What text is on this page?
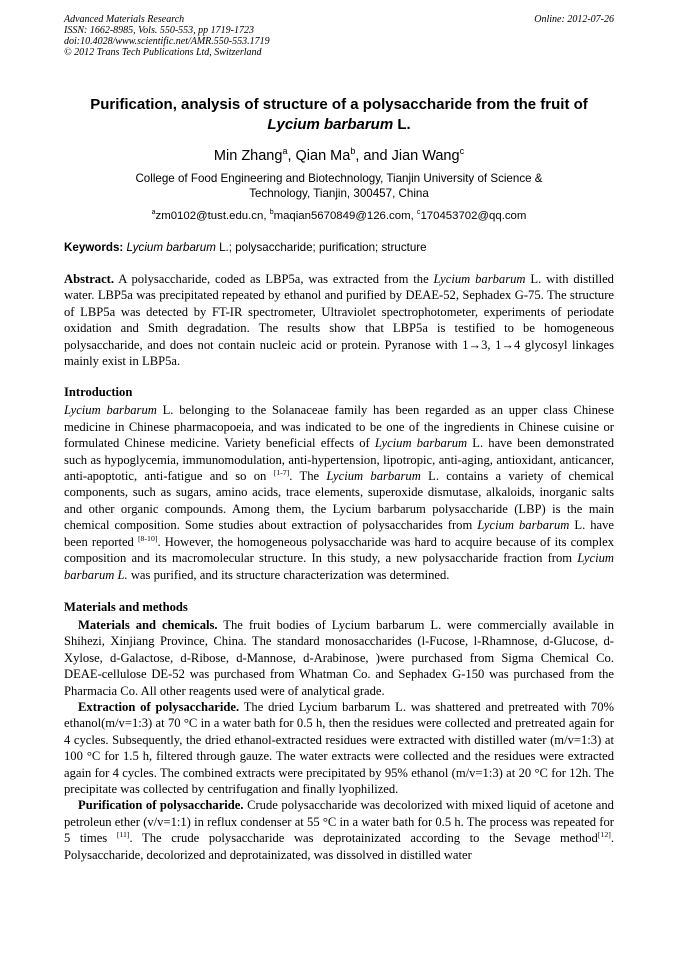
Advanced Materials Research
ISSN: 1662-8985, Vols. 550-553, pp 1719-1723
doi:10.4028/www.scientific.net/AMR.550-553.1719
© 2012 Trans Tech Publications Ltd, Switzerland
Online: 2012-07-26
Purification, analysis of structure of a polysaccharide from the fruit of
Lycium barbarum L.
Min Zhang$^a$, Qian Ma$^b$, and Jian Wang$^c$
College of Food Engineering and Biotechnology, Tianjin University of Science &
Technology, Tianjin, 300457, China
$^a$zm0102@tust.edu.cn, $^b$maqian5670849@126.com, $^c$170453702@qq.com
Keywords: Lycium barbarum L.; polysaccharide; purification; structure
Abstract. A polysaccharide, coded as LBP5a, was extracted from the Lycium barbarum L. with distilled water. LBP5a was precipitated repeated by ethanol and purified by DEAE-52, Sephadex G-75. The structure of LBP5a was detected by FT-IR spectrometer, Ultraviolet spectrophotometer, experiments of periodate oxidation and Smith degradation. The results show that LBP5a is testified to be homogeneous polysaccharide, and does not contain nucleic acid or protein. Pyranose with 1→3, 1→4 glycosyl linkages mainly exist in LBP5a.
Introduction
Lycium barbarum L. belonging to the Solanaceae family has been regarded as an upper class Chinese medicine in Chinese pharmacopoeia, and was indicated to be one of the ingredients in Chinese cuisine or formulated Chinese medicine. Variety beneficial effects of Lycium barbarum L. have been demonstrated such as hypoglycemia, immunomodulation, anti-hypertension, lipotropic, anti-aging, antioxidant, anticancer, anti-apoptotic, anti-fatigue and so on [1-7]. The Lycium barbarum L. contains a variety of chemical components, such as sugars, amino acids, trace elements, superoxide dismutase, alkaloids, inorganic salts and other organic compounds. Among them, the Lycium barbarum polysaccharide (LBP) is the main chemical composition. Some studies about extraction of polysaccharides from Lycium barbarum L. have been reported [8-10]. However, the homogeneous polysaccharide was hard to acquire because of its complex composition and its macromolecular structure. In this study, a new polysaccharide fraction from Lycium barbarum L. was purified, and its structure characterization was determined.
Materials and methods

Materials and chemicals. The fruit bodies of Lycium barbarum L. were commercially available in Shihezi, Xinjiang Province, China. The standard monosaccharides (l-Fucose, l-Rhamnose, d-Glucose, d-Xylose, d-Galactose, d-Ribose, d-Mannose, d-Arabinose, )were purchased from Sigma Chemical Co. DEAE-cellulose DE-52 was purchased from Whatman Co. and Sephadex G-150 was purchased from the Pharmacia Co. All other reagents used were of analytical grade.

Extraction of polysaccharide. The dried Lycium barbarum L. was shattered and pretreated with 70% ethanol(m/v=1:3) at 70 °C in a water bath for 0.5 h, then the residues were collected and pretreated again for 4 cycles. Subsequently, the dried ethanol-extracted residues were extracted with distilled water (m/v=1:3) at 100 °C for 1.5 h, filtered through gauze. The water extracts were collected and the residues were extracted again for 4 cycles. The combined extracts were precipitated by 95% ethanol (m/v=1:3) at 20 °C for 12h. The precipitate was collected by centrifugation and finally lyophilized.

Purification of polysaccharide. Crude polysaccharide was decolorized with mixed liquid of acetone and petroleun ether (v/v=1:1) in reflux condenser at 55 °C in a water bath for 0.5 h. The process was repeated for 5 times [11]. The crude polysaccharide was deprotainizated according to the Sevage method[12]. Polysaccharide, decolorized and deprotainizated, was dissolved in distilled water
